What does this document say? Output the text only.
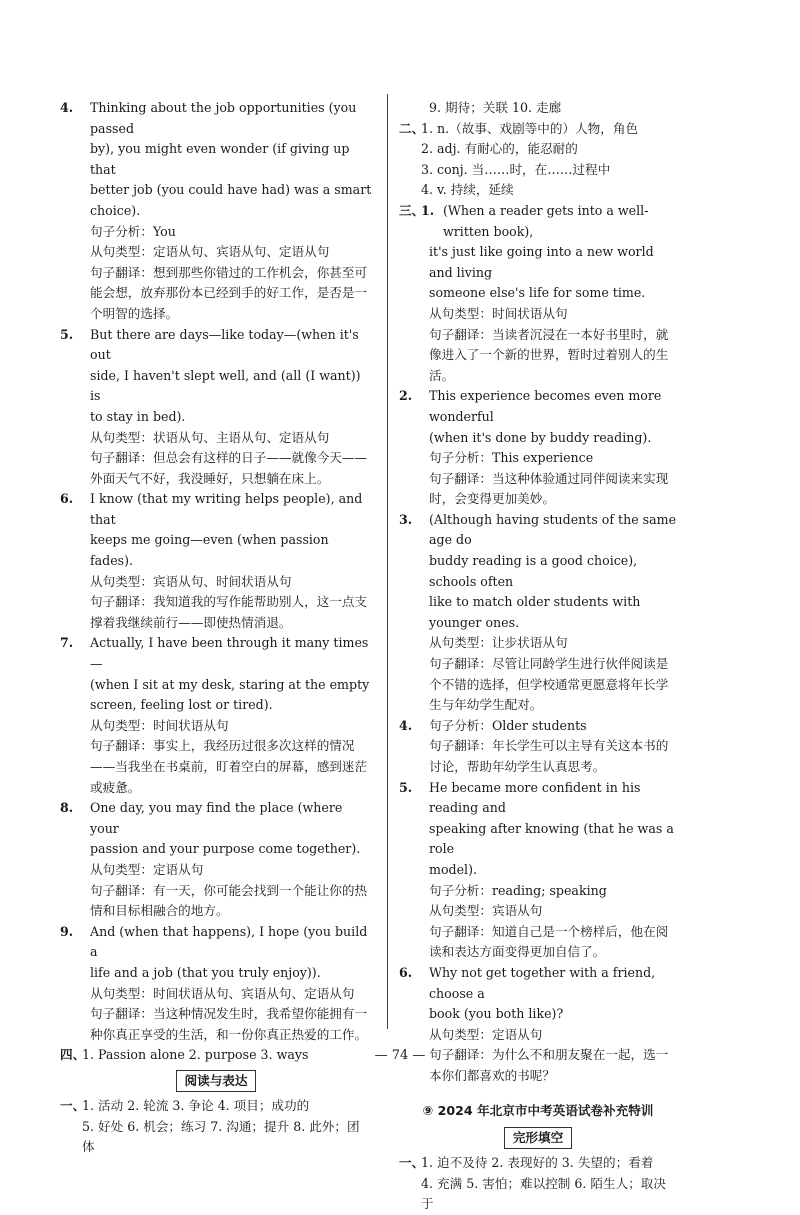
4. Thinking about the job opportunities (you passed

by), you might even wonder (if giving up that

better job (you could have had) was a smart

choice).

句子分析：You

从句类型：定语从句、宾语从句、定语从句

句子翻译：想到那些你错过的工作机会，你甚至可能会想，放弃那份本已经到手的好工作，是否是一个明智的选择。

5. But there are days—like today—(when it's out

side, I haven't slept well, and (all (I want)) is

to stay in bed).

从句类型：状语从句、主语从句、定语从句

句子翻译：但总会有这样的日子——就像今天——外面天气不好，我没睡好，只想躺在床上。

6. I know (that my writing helps people), and that

keeps me going—even (when passion fades).

从句类型：宾语从句、时间状语从句

句子翻译：我知道我的写作能帮助别人，这一点支撑着我继续前行——即使热情消退。

7. Actually, I have been through it many times—

(when I sit at my desk, staring at the empty

screen, feeling lost or tired).

从句类型：时间状语从句

句子翻译：事实上，我经历过很多次这样的情况——当我坐在书桌前，盯着空白的屏幕，感到迷茫或疲惫。

8. One day, you may find the place (where your

passion and your purpose come together).

从句类型：定语从句

句子翻译：有一天，你可能会找到一个能让你的热情和目标相融合的地方。

9. And (when that happens), I hope (you build a

life and a job (that you truly enjoy)).

从句类型：时间状语从句、宾语从句、定语从句

句子翻译：当这种情况发生时，我希望你能拥有一种你真正享受的生活，和一份你真正热爱的工作。

四、

1. Passion alone 2. purpose 3. ways

阅读与表达
一、

1. 活动 2. 轮流 3. 争论 4. 项目；成功的

5. 好处 6. 机会；练习 7. 沟通；提升 8. 此外；团体

9. 期待；关联 10. 走廊

二、

1. n.（故事、戏剧等中的）人物，角色

2. adj. 有耐心的，能忍耐的

3. conj. 当……时，在……过程中

4. v. 持续，延续

三、
1. (When a reader gets into a well-written book),

it's just like going into a new world and living

someone else's life for some time.

从句类型：时间状语从句

句子翻译：当读者沉浸在一本好书里时，就像进入了一个新的世界，暂时过着别人的生活。

2. This experience becomes even more wonderful

(when it's done by buddy reading).

句子分析：This experience

句子翻译：当这种体验通过同伴阅读来实现时，会变得更加美妙。

3. (Although having students of the same age do

buddy reading is a good choice), schools often

like to match older students with younger ones.

从句类型：让步状语从句

句子翻译：尽管让同龄学生进行伙伴阅读是个不错的选择，但学校通常更愿意将年长学生与年幼学生配对。

4. 句子分析：Older students

句子翻译：年长学生可以主导有关这本书的讨论，帮助年幼学生认真思考。

5. He became more confident in his reading and

speaking after knowing (that he was a role

model).

句子分析：reading; speaking

从句类型：宾语从句

句子翻译：知道自己是一个榜样后，他在阅读和表达方面变得更加自信了。

6. Why not get together with a friend, choose a

book (you both like)?

从句类型：定语从句

句子翻译：为什么不和朋友聚在一起，选一本你们都喜欢的书呢？

⑨ 2024 年北京市中考英语试卷补充特训
完形填空
一、

1. 迫不及待 2. 表现好的 3. 失望的；看着

4. 充满 5. 害怕；难以控制 6. 陌生人；取决于

— 74 —
